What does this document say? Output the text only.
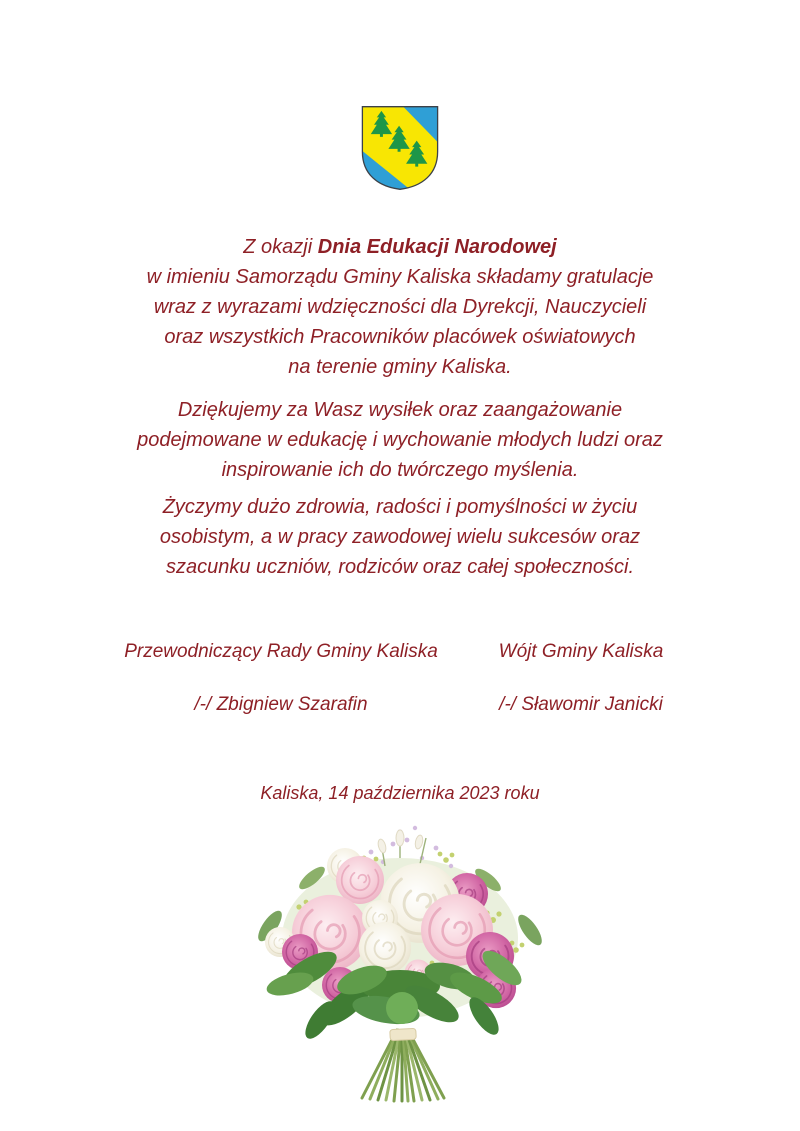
Z okazji Dnia Edukacji Narodowej
w imieniu Samorządu Gminy Kaliska składamy gratulacje
wraz z wyrazami wdzięczności dla Dyrekcji, Nauczycieli
oraz wszystkich Pracowników placówek oświatowych
na terenie gminy Kaliska.
Dziękujemy za Wasz wysiłek oraz zaangażowanie
podejmowane w edukację i wychowanie młodych ludzi oraz
inspirowanie ich do twórczego myślenia.
Życzymy dużo zdrowia, radości i pomyślności w życiu
osobistym, a w pracy zawodowej wielu sukcesów oraz
szacunku uczniów, rodziców oraz całej społeczności.
Przewodniczący Rady Gminy Kaliska
/-/ Zbigniew Szarafin
Wójt Gminy Kaliska
/-/ Sławomir Janicki
Kaliska, 14 października 2023 roku
